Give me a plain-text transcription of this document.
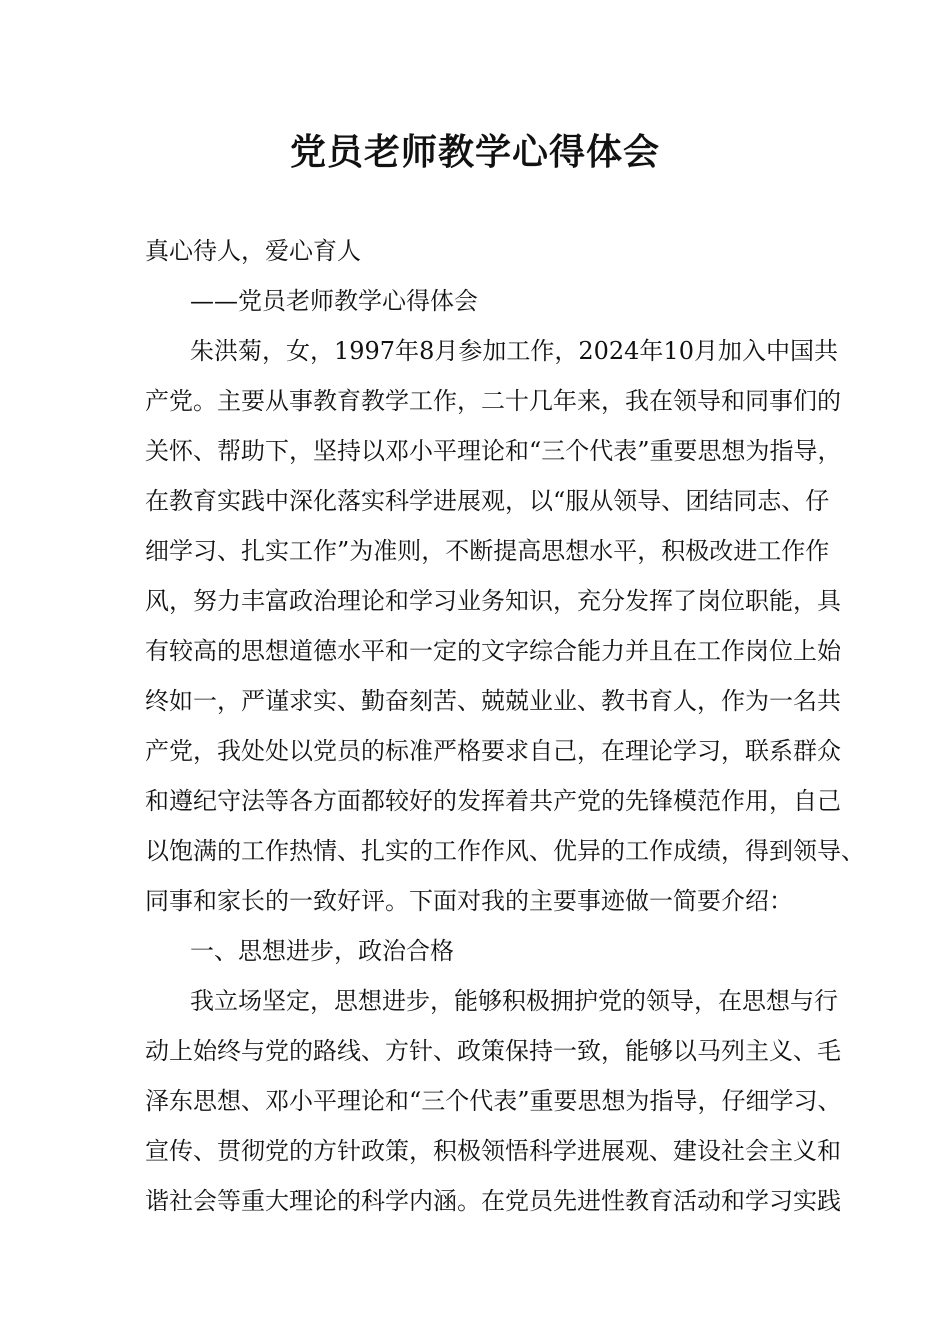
党员老师教学心得体会

真心待人，爱心育人

——党员老师教学心得体会

朱洪菊，女，1997年8月参加工作，2024年10月加入中国共

产党。主要从事教育教学工作，二十几年来，我在领导和同事们的

关怀、帮助下，坚持以邓小平理论和“三个代表”重要思想为指导，

在教育实践中深化落实科学进展观，以“服从领导、团结同志、仔

细学习、扎实工作”为准则，不断提高思想水平，积极改进工作作

风，努力丰富政治理论和学习业务知识，充分发挥了岗位职能，具

有较高的思想道德水平和一定的文字综合能力并且在工作岗位上始

终如一，严谨求实、勤奋刻苦、兢兢业业、教书育人，作为一名共

产党，我处处以党员的标准严格要求自己，在理论学习，联系群众

和遵纪守法等各方面都较好的发挥着共产党的先锋模范作用，自己

以饱满的工作热情、扎实的工作作风、优异的工作成绩，得到领导、

同事和家长的一致好评。下面对我的主要事迹做一简要介绍：

一、思想进步，政治合格

我立场坚定，思想进步，能够积极拥护党的领导，在思想与行

动上始终与党的路线、方针、政策保持一致，能够以马列主义、毛

泽东思想、邓小平理论和“三个代表”重要思想为指导，仔细学习、

宣传、贯彻党的方针政策，积极领悟科学进展观、建设社会主义和

谐社会等重大理论的科学内涵。在党员先进性教育活动和学习实践
